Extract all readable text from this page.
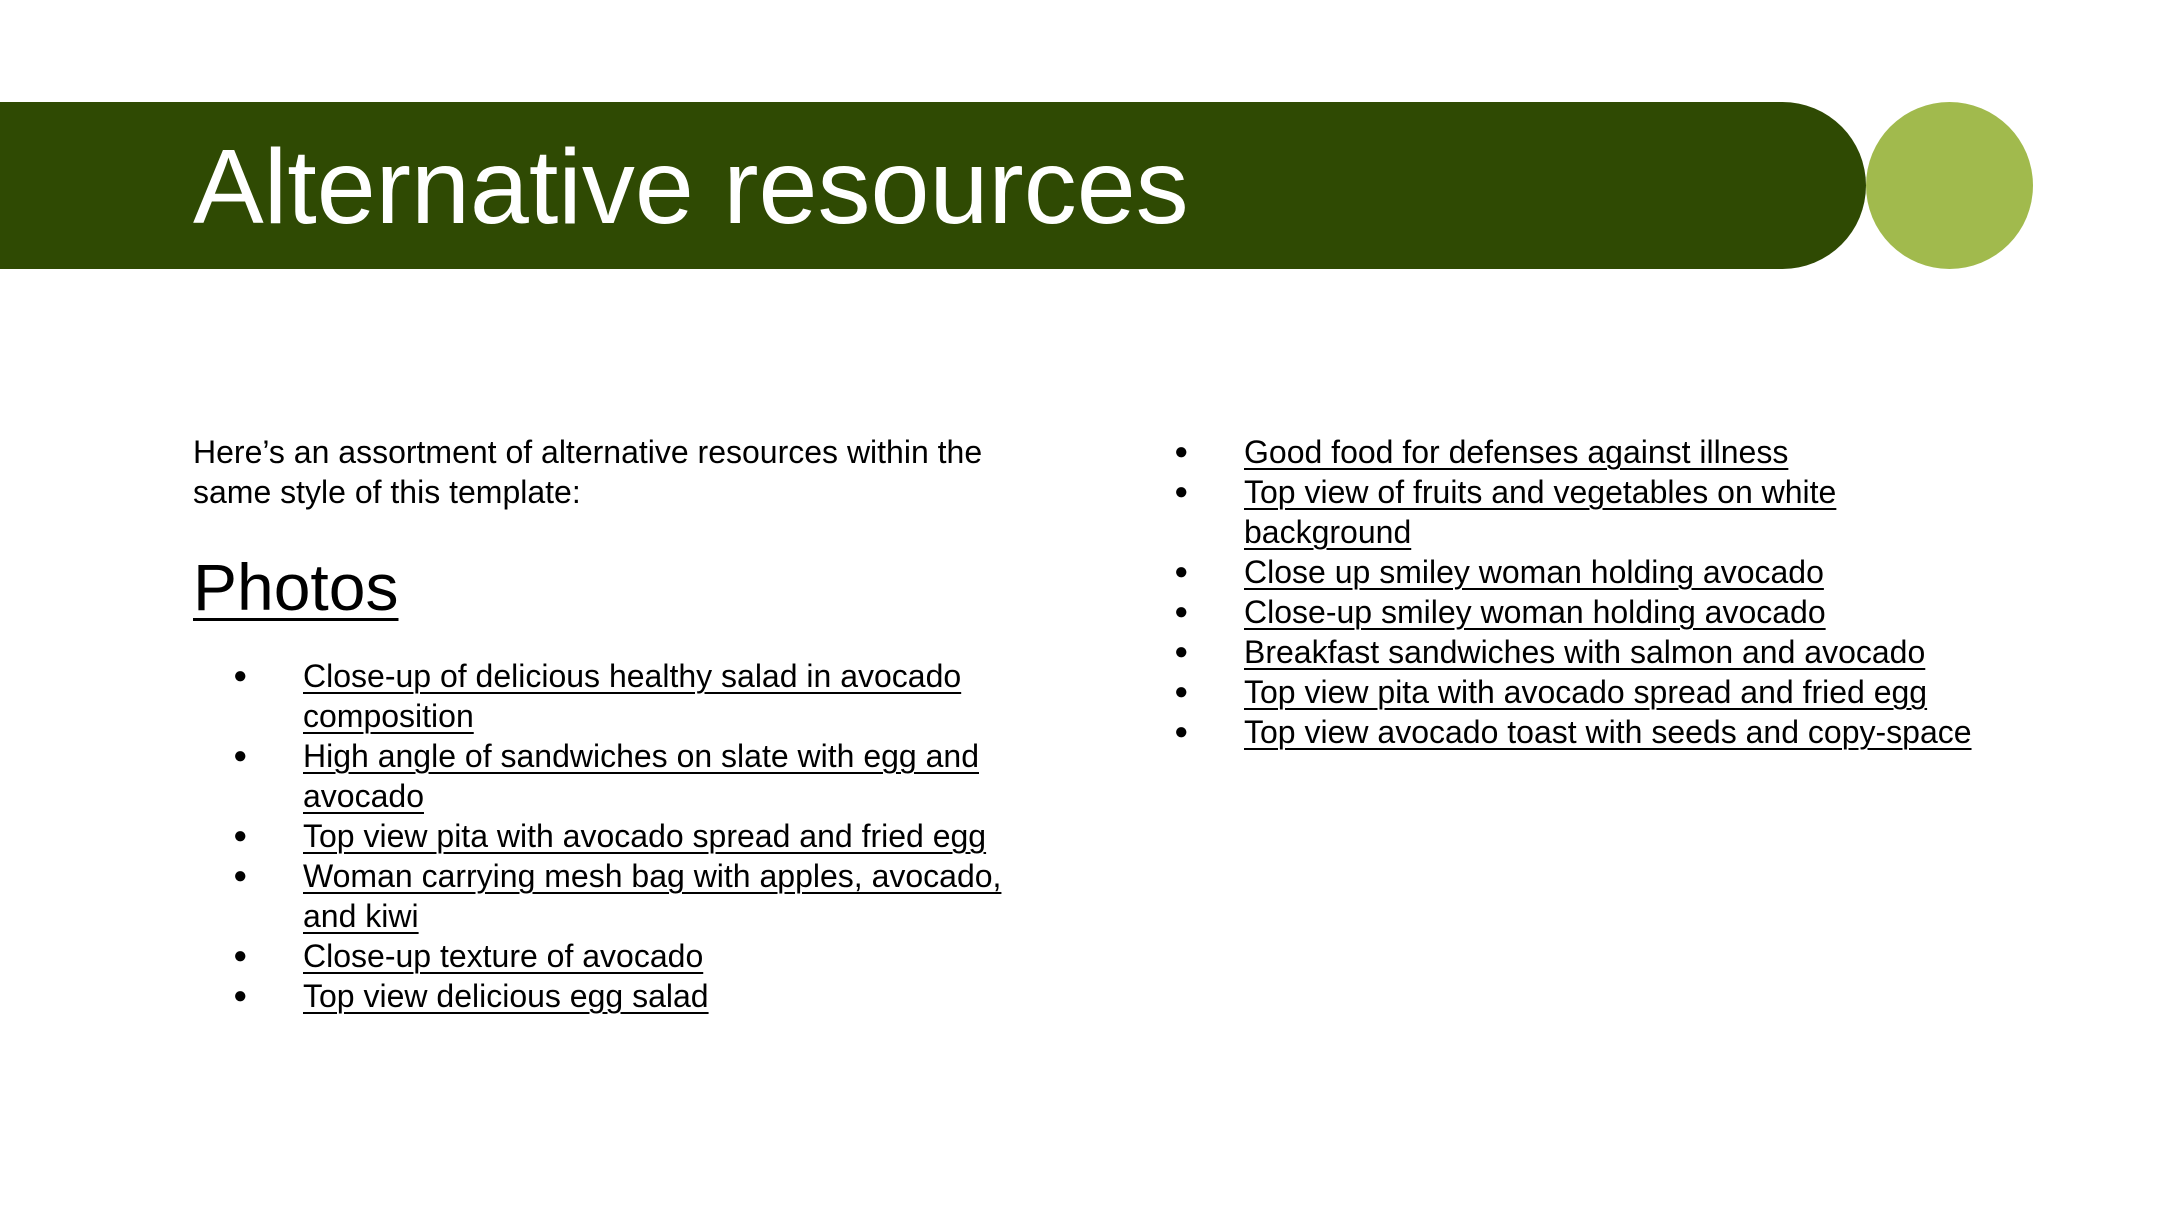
Alternative resources

Here’s an assortment of alternative resources within the same style of this template:

Photos
● Close-up of delicious healthy salad in avocado composition
● High angle of sandwiches on slate with egg and avocado
● Top view pita with avocado spread and fried egg
● Woman carrying mesh bag with apples, avocado, and kiwi
● Close-up texture of avocado
● Top view delicious egg salad
● Good food for defenses against illness
● Top view of fruits and vegetables on white background
● Close up smiley woman holding avocado
● Close-up smiley woman holding avocado
● Breakfast sandwiches with salmon and avocado
● Top view pita with avocado spread and fried egg
● Top view avocado toast with seeds and copy-space
